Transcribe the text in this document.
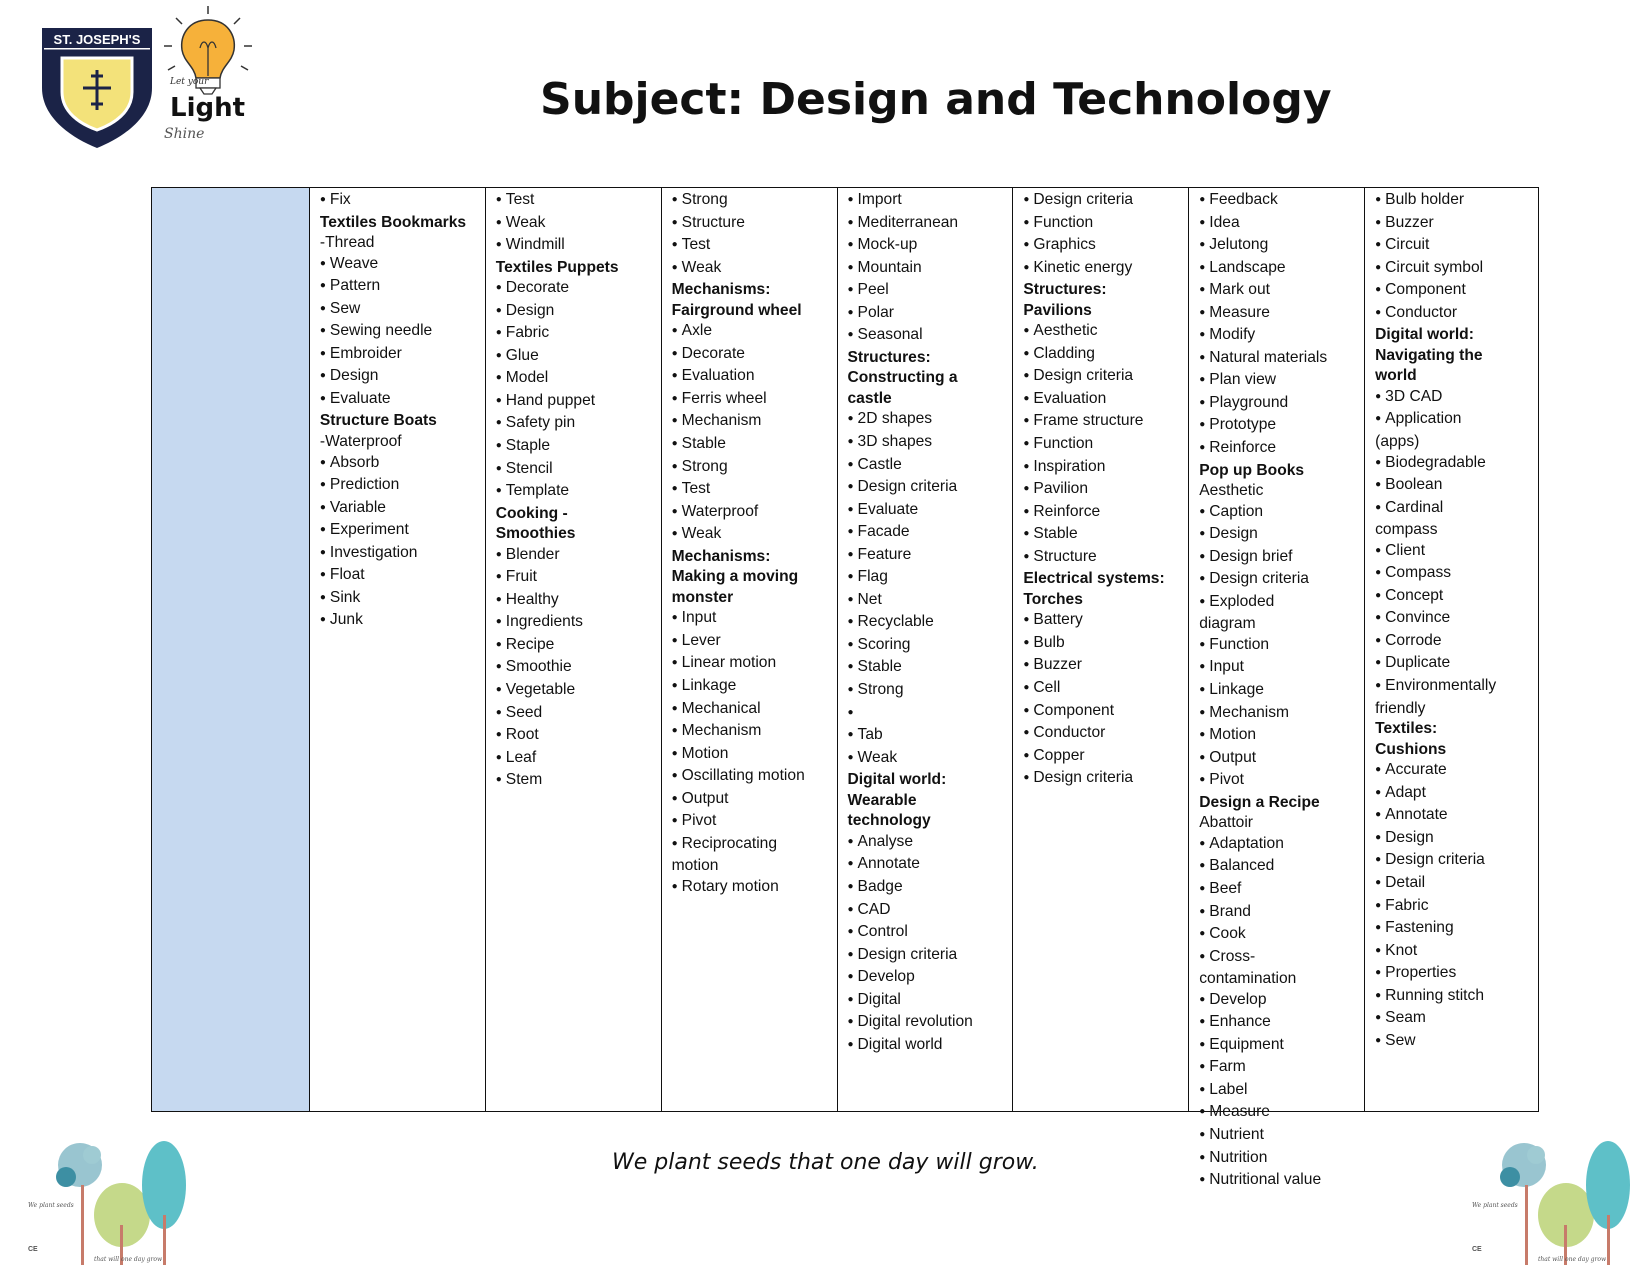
ST. JOSEPH'S
Let your
Light
Shine
Subject: Design and Technology
● Fix
Textiles Bookmarks
-Thread
● Weave
● Pattern
● Sew
● Sewing needle
● Embroider
● Design
● Evaluate
Structure Boats
-Waterproof
● Absorb
● Prediction
● Variable
● Experiment
● Investigation
● Float
● Sink
● Junk
● Test
● Weak
● Windmill
Textiles Puppets
● Decorate
● Design
● Fabric
● Glue
● Model
● Hand puppet
● Safety pin
● Staple
● Stencil
● Template
Cooking -
Smoothies
● Blender
● Fruit
● Healthy
● Ingredients
● Recipe
● Smoothie
● Vegetable
● Seed
● Root
● Leaf
● Stem
● Strong
● Structure
● Test
● Weak
Mechanisms:
Fairground wheel
● Axle
● Decorate
● Evaluation
● Ferris wheel
● Mechanism
● Stable
● Strong
● Test
● Waterproof
● Weak
Mechanisms:
Making a moving
monster
● Input
● Lever
● Linear motion
● Linkage
● Mechanical
● Mechanism
● Motion
● Oscillating motion
● Output
● Pivot
● Reciprocating
motion
● Rotary motion
● Import
● Mediterranean
● Mock-up
● Mountain
● Peel
● Polar
● Seasonal
Structures:
Constructing a
castle
● 2D shapes
● 3D shapes
● Castle
● Design criteria
● Evaluate
● Facade
● Feature
● Flag
● Net
● Recyclable
● Scoring
● Stable
● Strong
●
● Tab
● Weak
Digital world:
Wearable
technology
● Analyse
● Annotate
● Badge
● CAD
● Control
● Design criteria
● Develop
● Digital
● Digital revolution
● Digital world
● Design criteria
● Function
● Graphics
● Kinetic energy
Structures:
Pavilions
● Aesthetic
● Cladding
● Design criteria
● Evaluation
● Frame structure
● Function
● Inspiration
● Pavilion
● Reinforce
● Stable
● Structure
Electrical systems:
Torches
● Battery
● Bulb
● Buzzer
● Cell
● Component
● Conductor
● Copper
● Design criteria
● Feedback
● Idea
● Jelutong
● Landscape
● Mark out
● Measure
● Modify
● Natural materials
● Plan view
● Playground
● Prototype
● Reinforce
Pop up Books
Aesthetic
● Caption
● Design
● Design brief
● Design criteria
● Exploded
diagram
● Function
● Input
● Linkage
● Mechanism
● Motion
● Output
● Pivot
Design a Recipe
Abattoir
● Adaptation
● Balanced
● Beef
● Brand
● Cook
● Cross-
contamination
● Develop
● Enhance
● Equipment
● Farm
● Label
● Measure
● Nutrient
● Nutrition
● Nutritional value
● Bulb holder
● Buzzer
● Circuit
● Circuit symbol
● Component
● Conductor
Digital world:
Navigating the
world
● 3D CAD
● Application
(apps)
● Biodegradable
● Boolean
● Cardinal
compass
● Client
● Compass
● Concept
● Convince
● Corrode
● Duplicate
● Environmentally
friendly
Textiles:
Cushions
● Accurate
● Adapt
● Annotate
● Design
● Design criteria
● Detail
● Fabric
● Fastening
● Knot
● Properties
● Running stitch
● Seam
● Sew
We plant seeds that one day will grow.
We plant seeds
that will one day grow
CE
We plant seeds
that will one day grow
CE
